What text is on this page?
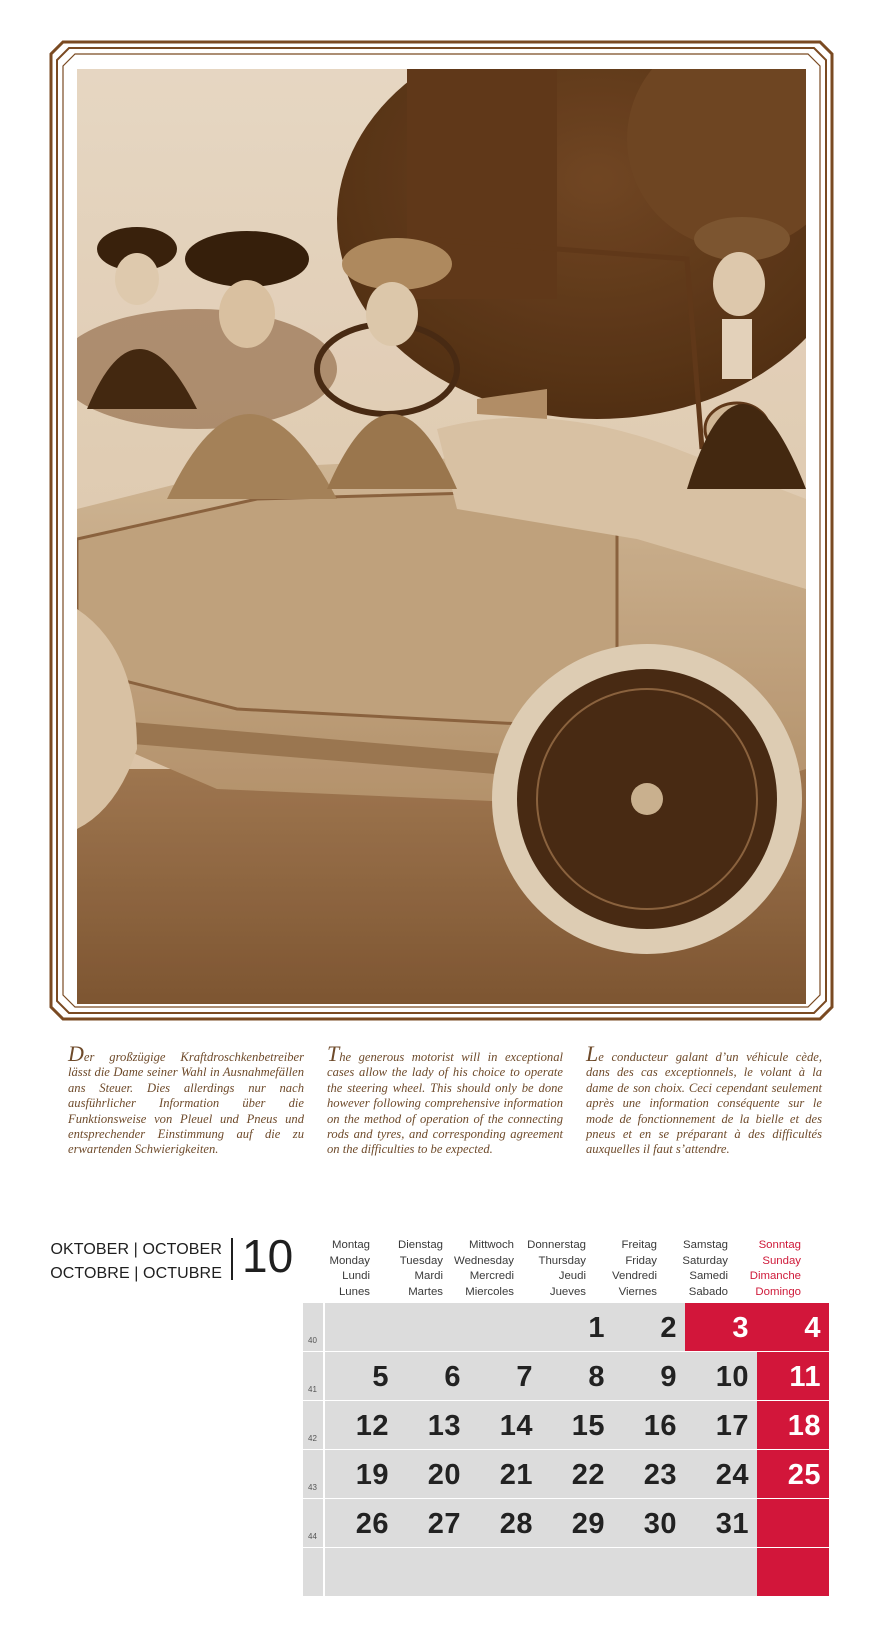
Der großzügige Kraftdroschkenbetreiber lässt die Dame seiner Wahl in Ausnahmefällen ans Steuer. Dies allerdings nur nach ausführlicher Information über die Funktionsweise von Pleuel und Pneus und entsprechender Einstimmung auf die zu erwartenden Schwierigkeiten.
The generous motorist will in exceptional cases allow the lady of his choice to operate the steering wheel. This should only be done however following comprehensive information on the method of operation of the connecting rods and tyres, and corresponding agreement on the difficulties to be expected.
Le conducteur galant d’un véhicule cède, dans des cas exceptionnels, le volant à la dame de son choix. Ceci cependant seulement après une information conséquente sur le mode de fonctionnement de la bielle et des pneus et en se préparant à des difficultés auxquelles il faut s’attendre.
OKTOBER | OCTOBER
OCTOBRE | OCTUBRE 10	Montag
Monday
Lundi
Lunes
Dienstag
Tuesday
Mardi
Martes
Mittwoch
Wednesday
Mercredi
Miercoles
Donnerstag
Thursday
Jeudi
Jueves
Freitag
Friday
Vendredi
Viernes
Samstag
Saturday
Samedi
Sabado
Sonntag
Sunday
Dimanche
Domingo
40	1 2 3 4
41 5 6 7 8 9 10 11
42 12 13 14 15 16 17 18
43 19 20 21 22 23 24 25
44 26 27 28 29 30 31
